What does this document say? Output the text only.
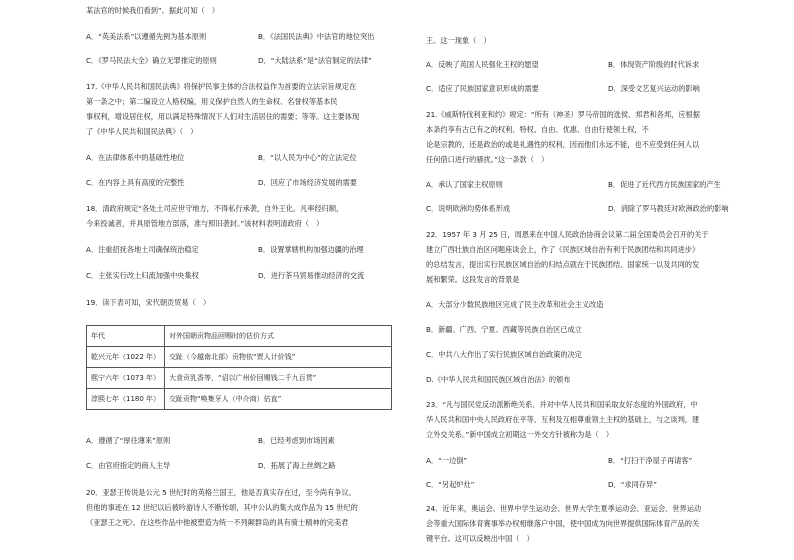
某法官的时候我们看到”。据此可知（　）
A．“英美法系”以遵循先例为基本原则	B．《法国民法典》中法官的地位突出
C．《罗马民法大全》确立无罪推定的原则	D．“大陆法系”是“法官制定的法律”
17.《中华人民共和国民法典》将保护民事主体的合法权益作为首要的立法宗旨规定在
第一条之中；第二编设立人格权编，用义保护自然人的生命权、名誉权等基本民
事权利，增设居住权，用以满足特殊情况下人们对生活居住的需要；等等。这主要体现
了《中华人民共和国民法典》（　）
A．在法律体系中的基础性地位	B．“以人民为中心”的立法定位
C．在内容上具有高度的完整性	D．回应了市场经济发展的需要
18．清政府规定“各处土司应世守地方，不得私行承袭，自外王化。凡率经归顺，
今来投诚者，并具原管地方部落，准与照旧袭封。”该材料表明清政府（　）
A．注重招抚各地土司确保统治稳定	B．设置掌辖机构加强边疆的治理
C．主张实行改土归流加强中央集权	D．进行茶马贸易推动经济的交流
19．读下表可知，宋代朝贡贸易（　）
年代	对外国朝贡物品回赐时的估价方式
乾兴元年（1022 年）	交趾（今越南北部）贡物依“贾人计价钱”
熙宁六年（1073 年）	大食贡乳香等，“诏以广州价回赐钱二千九百贯”
淳熙七年（1180 年）	交趾贡物“唤集牙人（中介商）估直”
A．遵循了“厚往薄来”原则	B．已经考虑到市场因素
C．由官府指定的商人主导	D．拓展了海上丝绸之路
20．亚瑟王传说是公元 5 世纪时的英格兰国王，他是否真实存在过，至今尚有争议。
但他的事迹在 12 世纪以后被吟游诗人不断传颂，其中公认的集大成作品为 15 世纪的
《亚瑟王之死》。在这些作品中他被塑造为统一不列颠群岛的具有骑士精神的完美君
王。这一现象（　）
A．反映了英国人民强化王权的愿望	B．体现资产阶级的时代诉求
C．适应了民族国家意识形成的需要	D．深受文艺复兴运动的影响
21.《威斯特伐利亚和约》规定：“所有（神圣）罗马帝国的选侯、邦君和各邦，应根据
本条约享有古已有之的权利、特权、自由、优惠、自由行使领土权，不
论是宗教的，还是政治的或是礼遇性的权利，因而他们永远不能，也不应受到任何人以
任何借口进行的骚扰。”这一条款（　）
A．承认了国家主权原则	B．促进了近代西方民族国家的产生
C．说明欧洲均势体系形成	D．消除了罗马教廷对欧洲政治的影响
22．1957 年 3 月 25 日，周恩来在中国人民政治协商会议第二届全国委员会召开的关于
建立广西壮族自治区问题座谈会上，作了《民族区域自治有利于民族团结和共同进步》
的总结发言，提出实行民族区域自治的归结点就在于民族团结、国家统一以及共同的发
展和繁荣。这段发言的背景是
A．大部分少数民族地区完成了民主改革和社会主义改造
B．新疆、广西、宁夏、西藏等民族自治区已成立
C．中共八大作出了实行民族区域自治政策的决定
D.《中华人民共和国民族区域自治法》的颁布
23．“凡与国民党反动派断绝关系、并对中华人民共和国采取友好态度的外国政府，中
华人民共和国中央人民政府在平等、互利及互相尊重领土主权的基础上，与之谈判，建
立外交关系。”新中国成立初期这一外交方针被称为是（　）
A．“一边倒”	B．“打扫干净屋子再请客”
C．“另起炉灶”	D．“求同存异”
24．近年来，奥运会、世界中学生运动会、世界大学生夏季运动会、亚运会、世界运动
会等重大国际体育赛事举办权相继落户中国，使中国成为向世界提供国际体育产品的关
键平台。这可以反映出中国（　）
